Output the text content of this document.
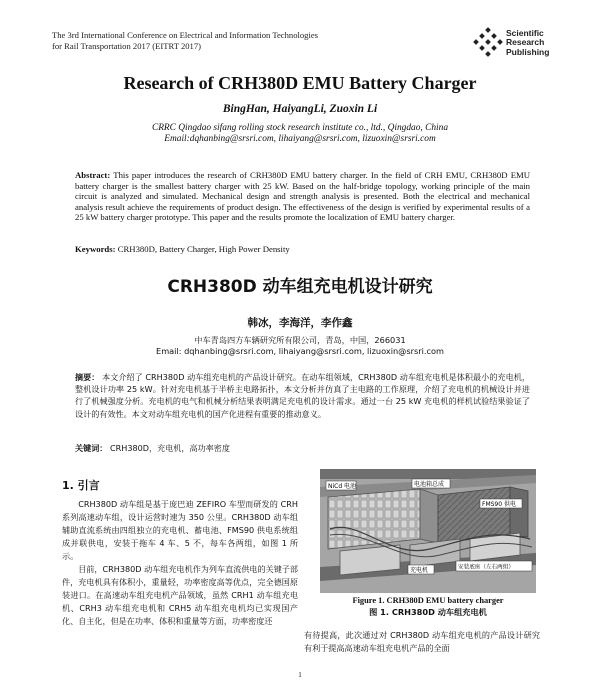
The 3rd International Conference on Electrical and Information Technologies
for Rail Transportation 2017 (EITRT 2017)
Scientific
Research
Publishing
Research of CRH380D EMU Battery Charger
BingHan, HaiyangLi, Zuoxin Li
CRRC Qingdao sifang rolling stock research institute co., ltd., Qingdao, China
Email:dqhanbing@srsri.com, lihaiyang@srsri.com, lizuoxin@srsri.com
Abstract: This paper introduces the research of CRH380D EMU battery charger. In the field of CRH EMU, CRH380D EMU battery charger is the smallest battery charger with 25 kW. Based on the half-bridge topology, working principle of the main circuit is analyzed and simulated. Mechanical design and strength analysis is presented. Both the electrical and mechanical analysis result achieve the requirements of product design. The effectiveness of the design is verified by experimental results of a 25 kW battery charger prototype. This paper and the results promote the localization of EMU battery charger.
Keywords: CRH380D, Battery Charger, High Power Density
CRH380D 动车组充电机设计研究
韩冰，李海洋，李作鑫
中车青岛四方车辆研究所有限公司，青岛，中国，266031
Email: dqhanbing@srsri.com, lihaiyang@srsri.com, lizuoxin@srsri.com
摘要： 本文介绍了 CRH380D 动车组充电机的产品设计研究。在动车组领域，CRH380D 动车组充电机是体积最小的充电机，整机设计功率 25 kW。针对充电机基于半桥主电路拓扑，本文分析并仿真了主电路的工作原理，介绍了充电机的机械设计并进行了机械强度分析。充电机的电气和机械分析结果表明满足充电机的设计需求。通过一台 25 kW 充电机的样机试验结果验证了设计的有效性。本文对动车组充电机的国产化进程有重要的推动意义。
关键词： CRH380D，充电机，高功率密度
1. 引言

CRH380D 动车组是基于庞巴迪 ZEFIRO 车型而研发的 CRH 系列高速动车组，设计运营时速为 350 公里。CRH380D 动车组辅助直流系统由四组独立的充电机、蓄电池、FMS90 供电系统组成并联供电，安装于拖车 4 车、5 不，每车各两组，如图 1 所示。

目前，CRH380D 动车组充电机作为列车直流供电的关键子部件，充电机具有体积小，重量轻，功率密度高等优点，完全德国原装进口。在高速动车组充电机产品领域，虽然 CRH1 动车组充电机、CRH3 动车组充电机和 CRH5 动车组充电机均已实现国产化、自主化，但是在功率、体积和重量等方面，功率密度还

NiCd 电池	电池箱总成
FMS90 供电
充电机	安装底座（左右两组）
Figure 1. CRH380D EMU battery charger
图 1. CRH380D 动车组充电机
有待提高，此次通过对 CRH380D 动车组充电机的产品设计研究有利于提高高速动车组充电机产品的全面
1
